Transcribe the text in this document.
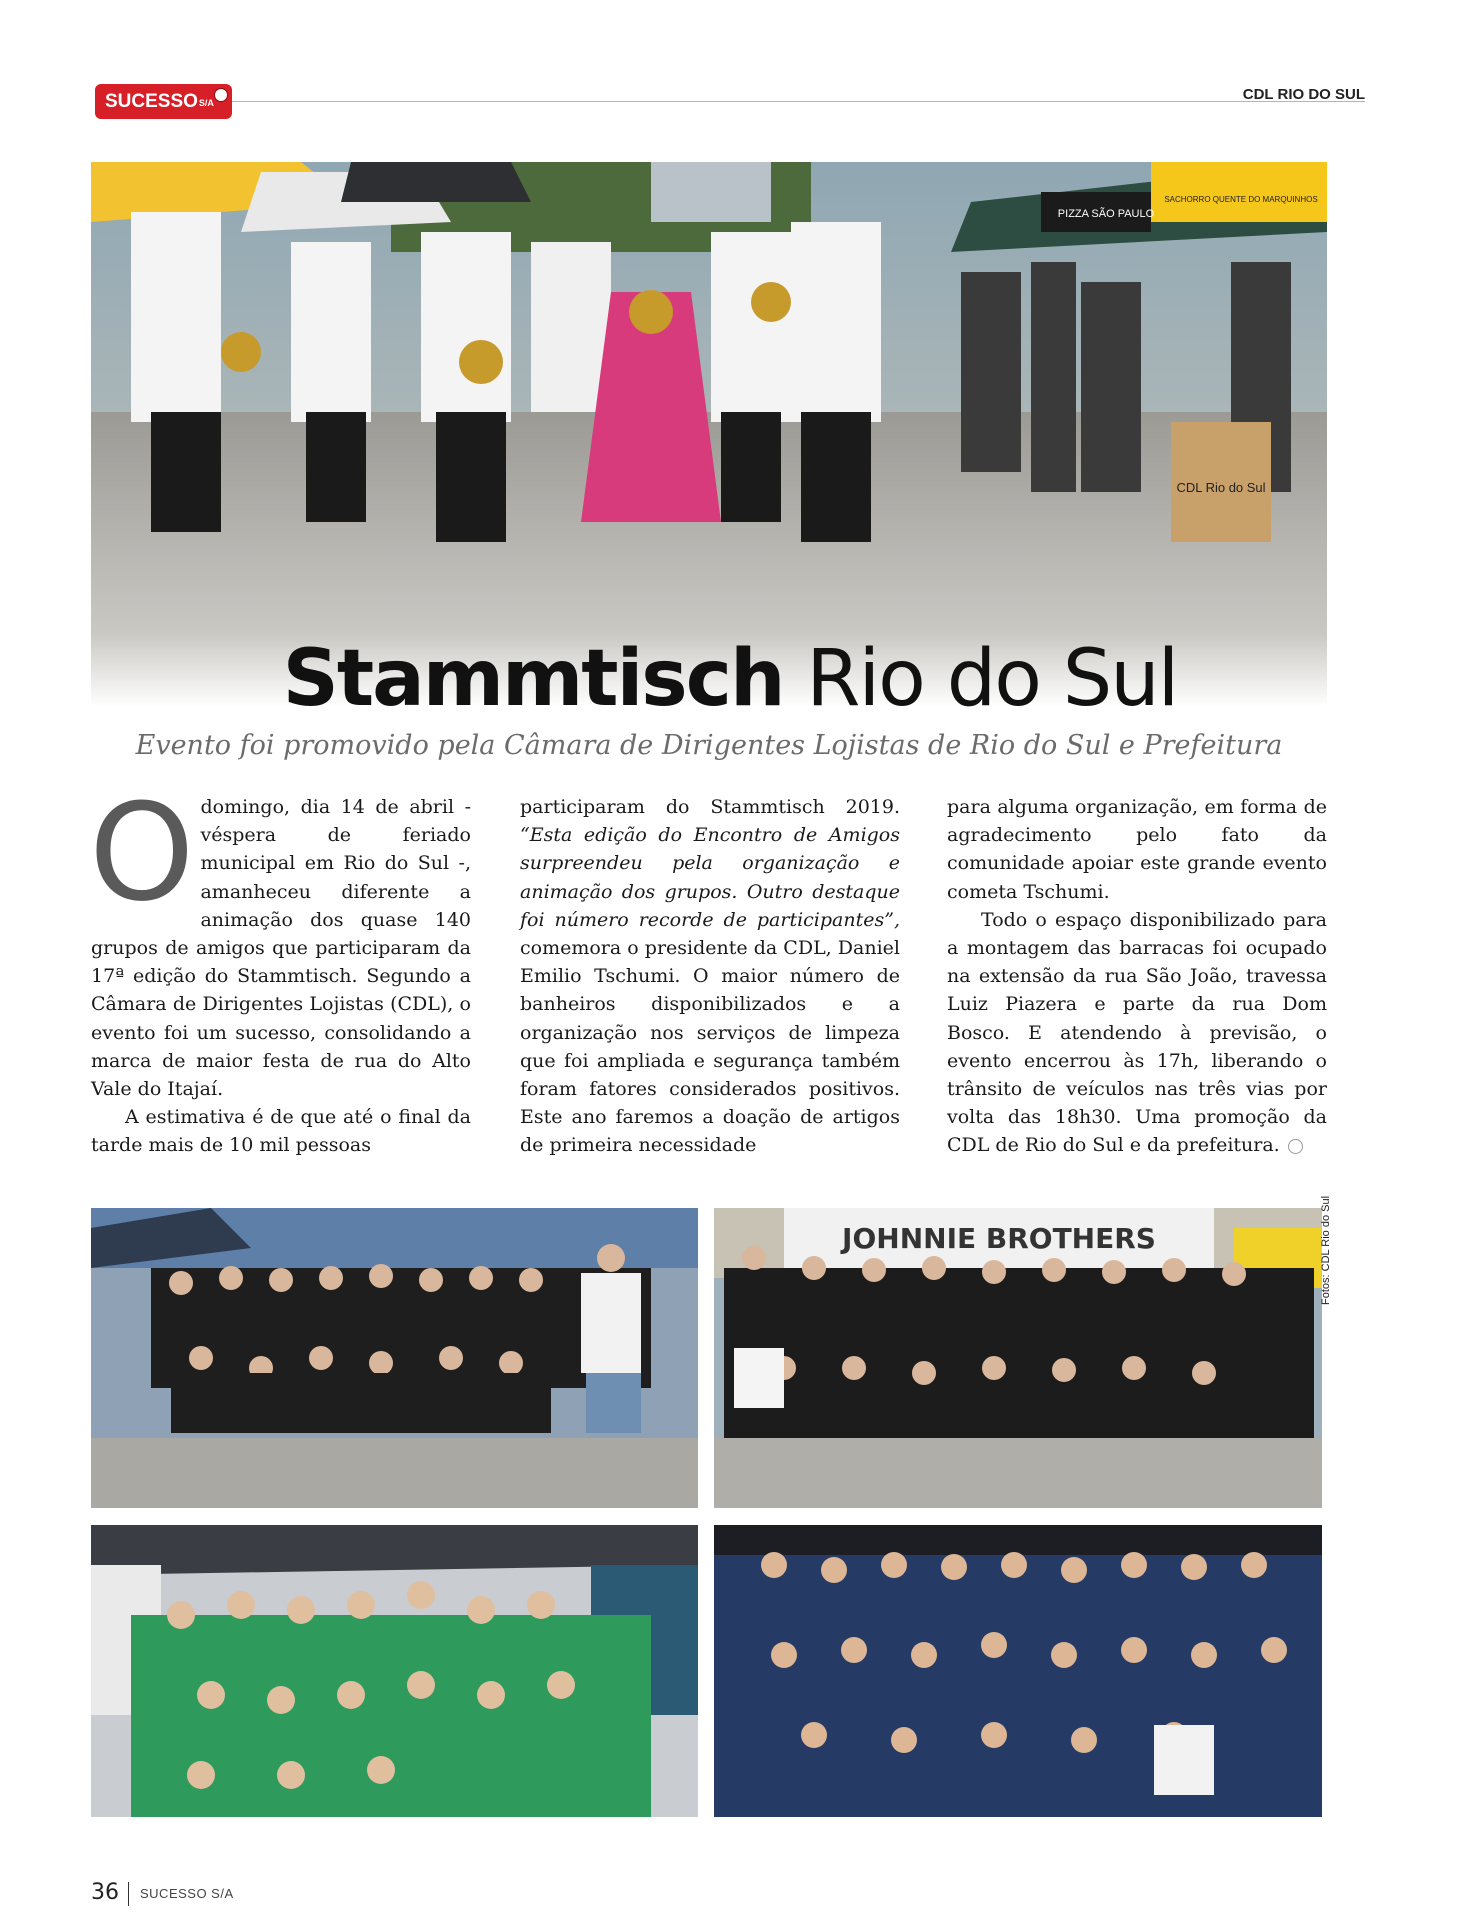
SUCESSOS/A	CDL RIO DO SUL
CDL Rio do Sul
PIZZA SÃO PAULO
SACHORRO QUENTE DO MARQUINHOS
Stammtisch Rio do Sul
Evento foi promovido pela Câmara de Dirigentes Lojistas de Rio do Sul e Prefeitura
O domingo, dia 14 de abril - véspera de feriado municipal em Rio do Sul -, amanheceu diferente a animação dos quase 140 grupos de amigos que participaram da 17ª edição do Stammtisch. Segundo a Câmara de Dirigentes Lojistas (CDL), o evento foi um sucesso, consolidando a marca de maior festa de rua do Alto Vale do Itajaí.

A estimativa é de que até o final da tarde mais de 10 mil pessoas

participaram do Stammtisch 2019. “Esta edição do Encontro de Amigos surpreendeu pela organização e animação dos grupos. Outro destaque foi número recorde de participantes”, comemora o presidente da CDL, Daniel Emilio Tschumi. O maior número de banheiros disponibilizados e a organização nos serviços de limpeza que foi ampliada e segurança também foram fatores considerados positivos. Este ano faremos a doação de artigos de primeira necessidade

para alguma organização, em forma de agradecimento pelo fato da comunidade apoiar este grande evento cometa Tschumi.

Todo o espaço disponibilizado para a montagem das barracas foi ocupado na extensão da rua São João, travessa Luiz Piazera e parte da rua Dom Bosco. E atendendo à previsão, o evento encerrou às 17h, liberando o trânsito de veículos nas três vias por volta das 18h30. Uma promoção da CDL de Rio do Sul e da prefeitura.

JOHNNIE BROTHERS	Fotos: CDL Rio do Sul
36 SUCESSO S/A
